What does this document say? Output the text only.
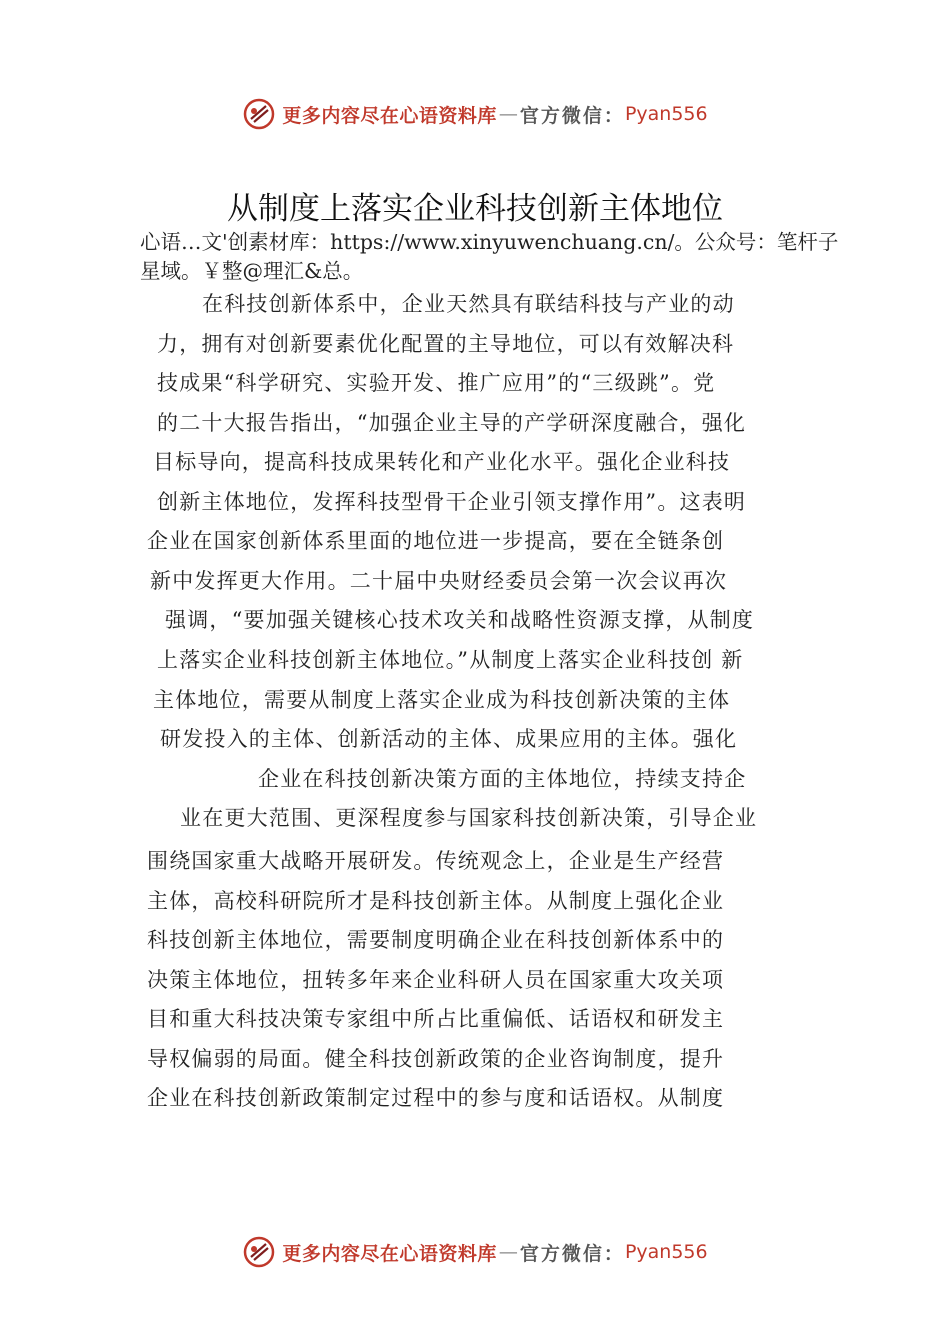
更多内容尽在心语资料库 — 官方微信： Pyan556
从制度上落实企业科技创新主体地位
心语…文'创素材库：https://www.xinyuwenchuang.cn/。公众号：笔杆子星域。￥整@理汇&总。
在科技创新体系中，企业天然具有联结科技与产业的动
力，拥有对创新要素优化配置的主导地位，可以有效解决科
技成果“科学研究、实验开发、推广应用”的“三级跳”。党
的二十大报告指出，“加强企业主导的产学研深度融合，强化
目标导向，提高科技成果转化和产业化水平。强化企业科技
创新主体地位，发挥科技型骨干企业引领支撑作用”。这表明
企业在国家创新体系里面的地位进一步提高，要在全链条创
新中发挥更大作用。二十届中央财经委员会第一次会议再次
强调，“要加强关键核心技术攻关和战略性资源支撑，从制度
上落实企业科技创新主体地位。”从制度上落实企业科技创 新
主体地位，需要从制度上落实企业成为科技创新决策的主体
研发投入的主体、创新活动的主体、成果应用的主体。强化
企业在科技创新决策方面的主体地位，持续支持企
业在更大范围、更深程度参与国家科技创新决策，引导企业
围绕国家重大战略开展研发。传统观念上，企业是生产经营
主体，高校科研院所才是科技创新主体。从制度上强化企业
科技创新主体地位，需要制度明确企业在科技创新体系中的
决策主体地位，扭转多年来企业科研人员在国家重大攻关项
目和重大科技决策专家组中所占比重偏低、话语权和研发主
导权偏弱的局面。健全科技创新政策的企业咨询制度，提升
企业在科技创新政策制定过程中的参与度和话语权。从制度
更多内容尽在心语资料库 — 官方微信： Pyan556
